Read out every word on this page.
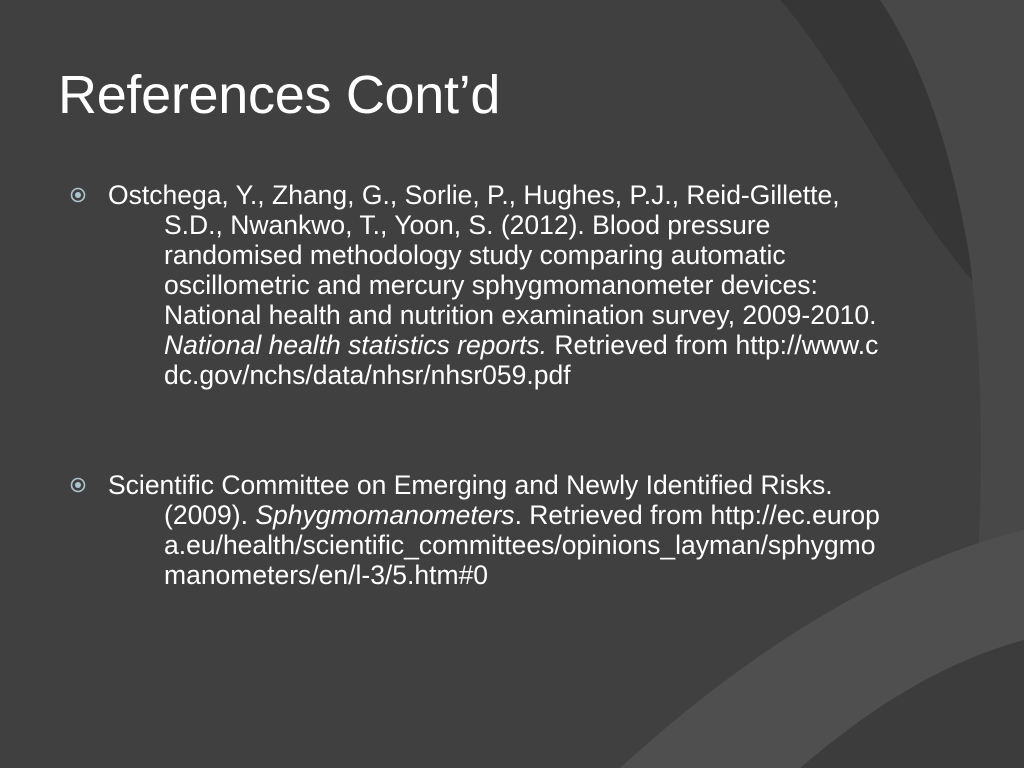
References Cont’d
Ostchega, Y., Zhang, G., Sorlie, P., Hughes, P.J., Reid-Gillette, S.D., Nwankwo, T., Yoon, S. (2012). Blood pressure randomised methodology study comparing automatic oscillometric and mercury sphygmomanometer devices: National health and nutrition examination survey, 2009-2010. National health statistics reports. Retrieved from http://www.cdc.gov/nchs/data/nhsr/nhsr059.pdf
Scientific Committee on Emerging and Newly Identified Risks. (2009). Sphygmomanometers. Retrieved from http://ec.europa.eu/health/scientific_committees/opinions_layman/sphygmomanometers/en/l-3/5.htm#0
